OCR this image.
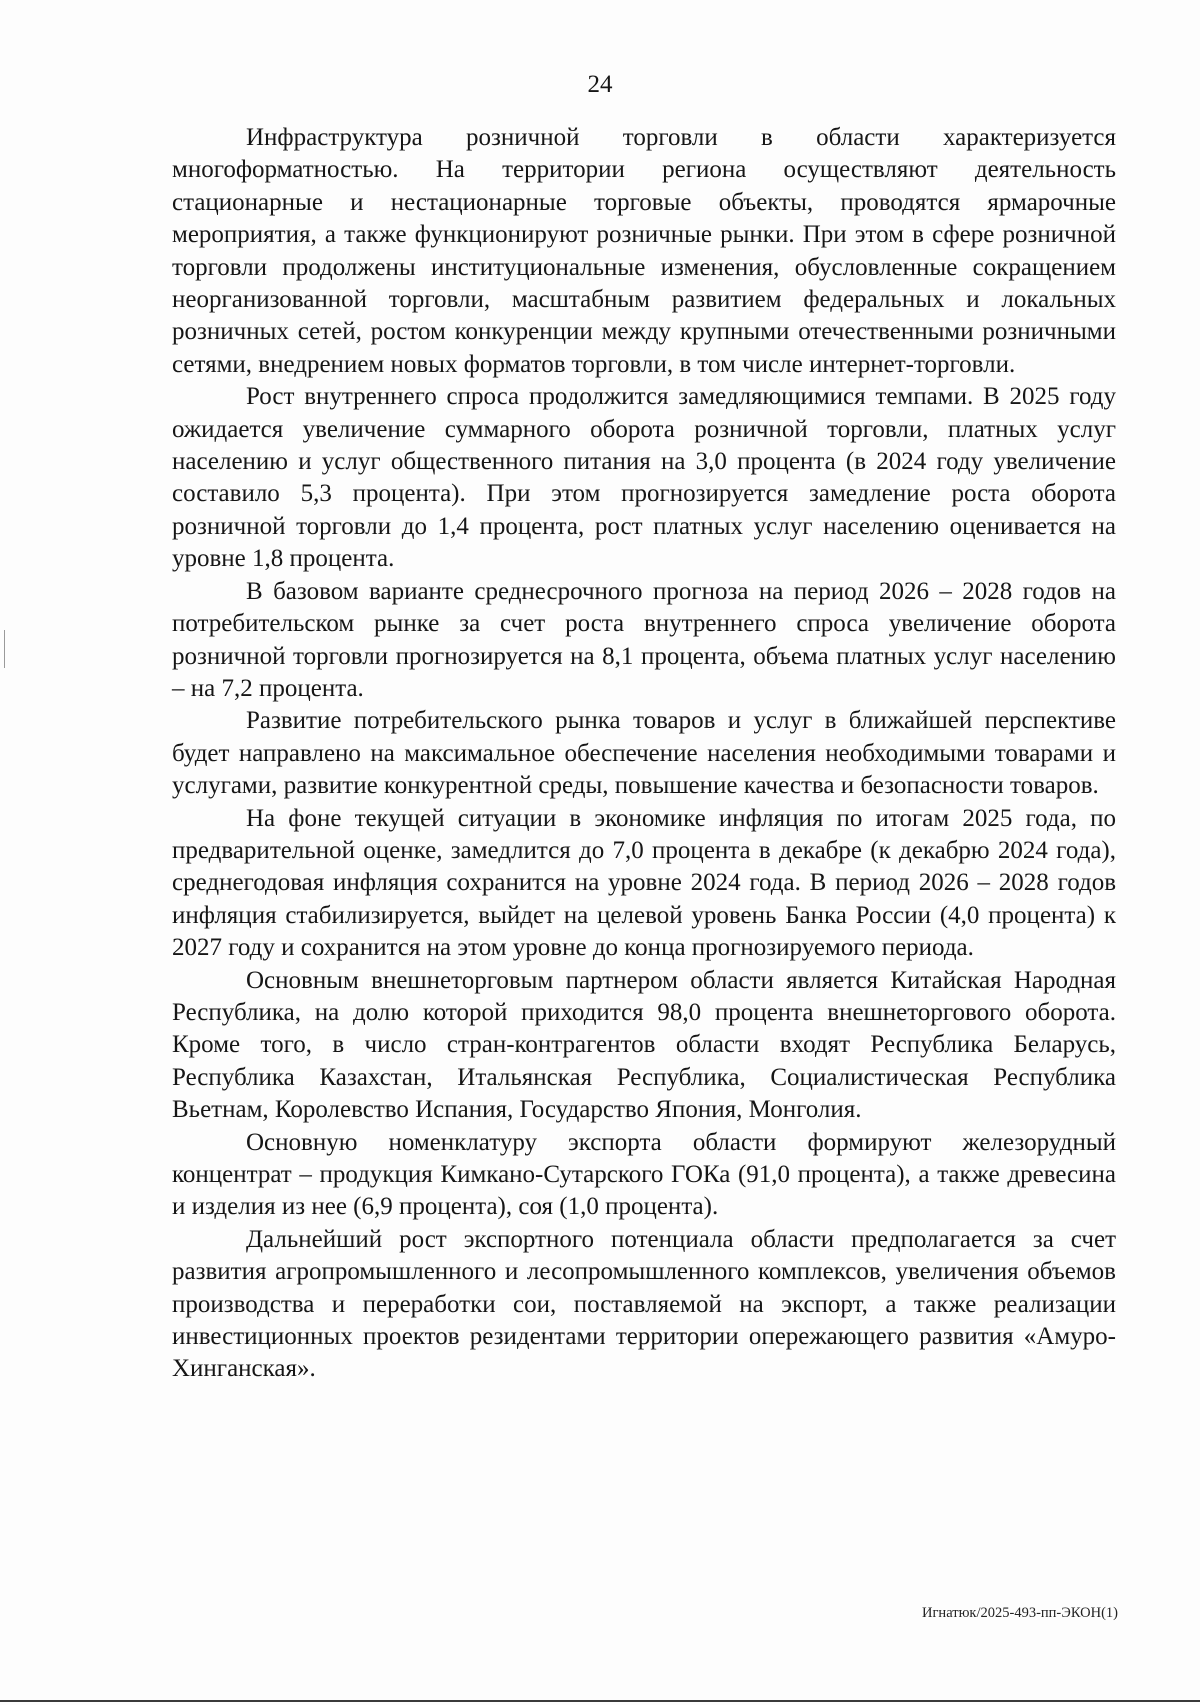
24

Инфраструктура розничной торговли в области характеризуется многоформатностью. На территории региона осуществляют деятельность стационарные и нестационарные торговые объекты, проводятся ярмарочные мероприятия, а также функционируют розничные рынки. При этом в сфере розничной торговли продолжены институциональные изменения, обусловленные сокращением неорганизованной торговли, масштабным развитием федеральных и локальных розничных сетей, ростом конкуренции между крупными отечественными розничными сетями, внедрением новых форматов торговли, в том числе интернет-торговли.

Рост внутреннего спроса продолжится замедляющимися темпами. В 2025 году ожидается увеличение суммарного оборота розничной торговли, платных услуг населению и услуг общественного питания на 3,0 процента (в 2024 году увеличение составило 5,3 процента). При этом прогнозируется замедление роста оборота розничной торговли до 1,4 процента, рост платных услуг населению оценивается на уровне 1,8 процента.

В базовом варианте среднесрочного прогноза на период 2026 – 2028 годов на потребительском рынке за счет роста внутреннего спроса увеличение оборота розничной торговли прогнозируется на 8,1 процента, объема платных услуг населению – на 7,2 процента.

Развитие потребительского рынка товаров и услуг в ближайшей перспективе будет направлено на максимальное обеспечение населения необходимыми товарами и услугами, развитие конкурентной среды, повышение качества и безопасности товаров.

На фоне текущей ситуации в экономике инфляция по итогам 2025 года, по предварительной оценке, замедлится до 7,0 процента в декабре (к декабрю 2024 года), среднегодовая инфляция сохранится на уровне 2024 года. В период 2026 – 2028 годов инфляция стабилизируется, выйдет на целевой уровень Банка России (4,0 процента) к 2027 году и сохранится на этом уровне до конца прогнозируемого периода.

Основным внешнеторговым партнером области является Китайская Народная Республика, на долю которой приходится 98,0 процента внешнеторгового оборота. Кроме того, в число стран-контрагентов области входят Республика Беларусь, Республика Казахстан, Итальянская Республика, Социалистическая Республика Вьетнам, Королевство Испания, Государство Япония, Монголия.

Основную номенклатуру экспорта области формируют железорудный концентрат – продукция Кимкано-Сутарского ГОКа (91,0 процента), а также древесина и изделия из нее (6,9 процента), соя (1,0 процента).

Дальнейший рост экспортного потенциала области предполагается за счет развития агропромышленного и лесопромышленного комплексов, увеличения объемов производства и переработки сои, поставляемой на экспорт, а также реализации инвестиционных проектов резидентами территории опережающего развития «Амуро-Хинганская».

Игнатюк/2025-493-пп-ЭКОН(1)
